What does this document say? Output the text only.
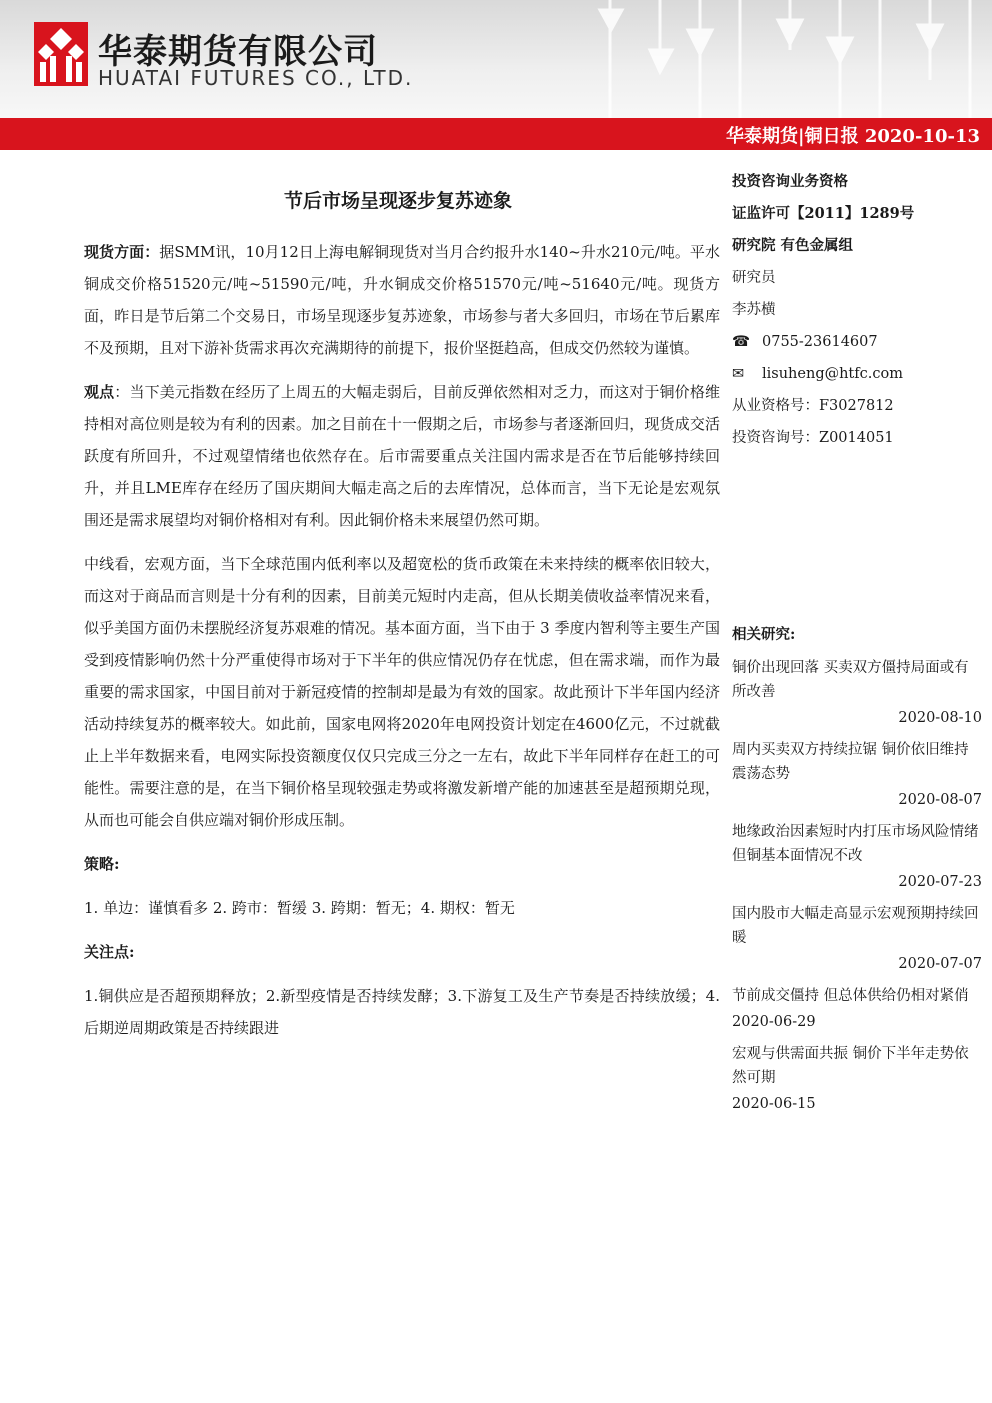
华泰期货有限公司
HUATAI FUTURES CO., LTD.
华泰期货|铜日报 2020-10-13
节后市场呈现逐步复苏迹象

现货方面：据SMM讯，10月12日上海电解铜现货对当月合约报升水140~升水210元/吨。平水铜成交价格51520元/吨~51590元/吨，升水铜成交价格51570元/吨~51640元/吨。现货方面，昨日是节后第二个交易日，市场呈现逐步复苏迹象，市场参与者大多回归，市场在节后累库不及预期，且对下游补货需求再次充满期待的前提下，报价坚挺趋高，但成交仍然较为谨慎。

观点：当下美元指数在经历了上周五的大幅走弱后，目前反弹依然相对乏力，而这对于铜价格维持相对高位则是较为有利的因素。加之目前在十一假期之后，市场参与者逐渐回归，现货成交活跃度有所回升，不过观望情绪也依然存在。后市需要重点关注国内需求是否在节后能够持续回升，并且LME库存在经历了国庆期间大幅走高之后的去库情况，总体而言，当下无论是宏观氛围还是需求展望均对铜价格相对有利。因此铜价格未来展望仍然可期。

中线看，宏观方面，当下全球范围内低利率以及超宽松的货币政策在未来持续的概率依旧较大，而这对于商品而言则是十分有利的因素，目前美元短时内走高，但从长期美债收益率情况来看，似乎美国方面仍未摆脱经济复苏艰难的情况。基本面方面，当下由于 3 季度内智利等主要生产国受到疫情影响仍然十分严重使得市场对于下半年的供应情况仍存在忧虑，但在需求端，而作为最重要的需求国家，中国目前对于新冠疫情的控制却是最为有效的国家。故此预计下半年国内经济活动持续复苏的概率较大。如此前，国家电网将2020年电网投资计划定在4600亿元，不过就截止上半年数据来看，电网实际投资额度仅仅只完成三分之一左右，故此下半年同样存在赶工的可能性。需要注意的是，在当下铜价格呈现较强走势或将激发新增产能的加速甚至是超预期兑现，从而也可能会自供应端对铜价形成压制。

策略:

1. 单边：谨慎看多 2. 跨市：暂缓 3. 跨期：暂无；4. 期权：暂无

关注点:

1.铜供应是否超预期释放；2.新型疫情是否持续发酵；3.下游复工及生产节奏是否持续放缓；4. 后期逆周期政策是否持续跟进

投资咨询业务资格
证监许可【2011】1289号
研究院 有色金属组
研究员
李苏横
☎ 0755-23614607
✉ lisuheng@htfc.com
从业资格号：F3027812
投资咨询号：Z0014051
相关研究:
铜价出现回落 买卖双方僵持局面或有所改善
2020-08-10
周内买卖双方持续拉锯 铜价依旧维持震荡态势
2020-08-07
地缘政治因素短时内打压市场风险情绪 但铜基本面情况不改
2020-07-23
国内股市大幅走高显示宏观预期持续回暖
2020-07-07
节前成交僵持 但总体供给仍相对紧俏
2020-06-29
宏观与供需面共振 铜价下半年走势依然可期
2020-06-15
